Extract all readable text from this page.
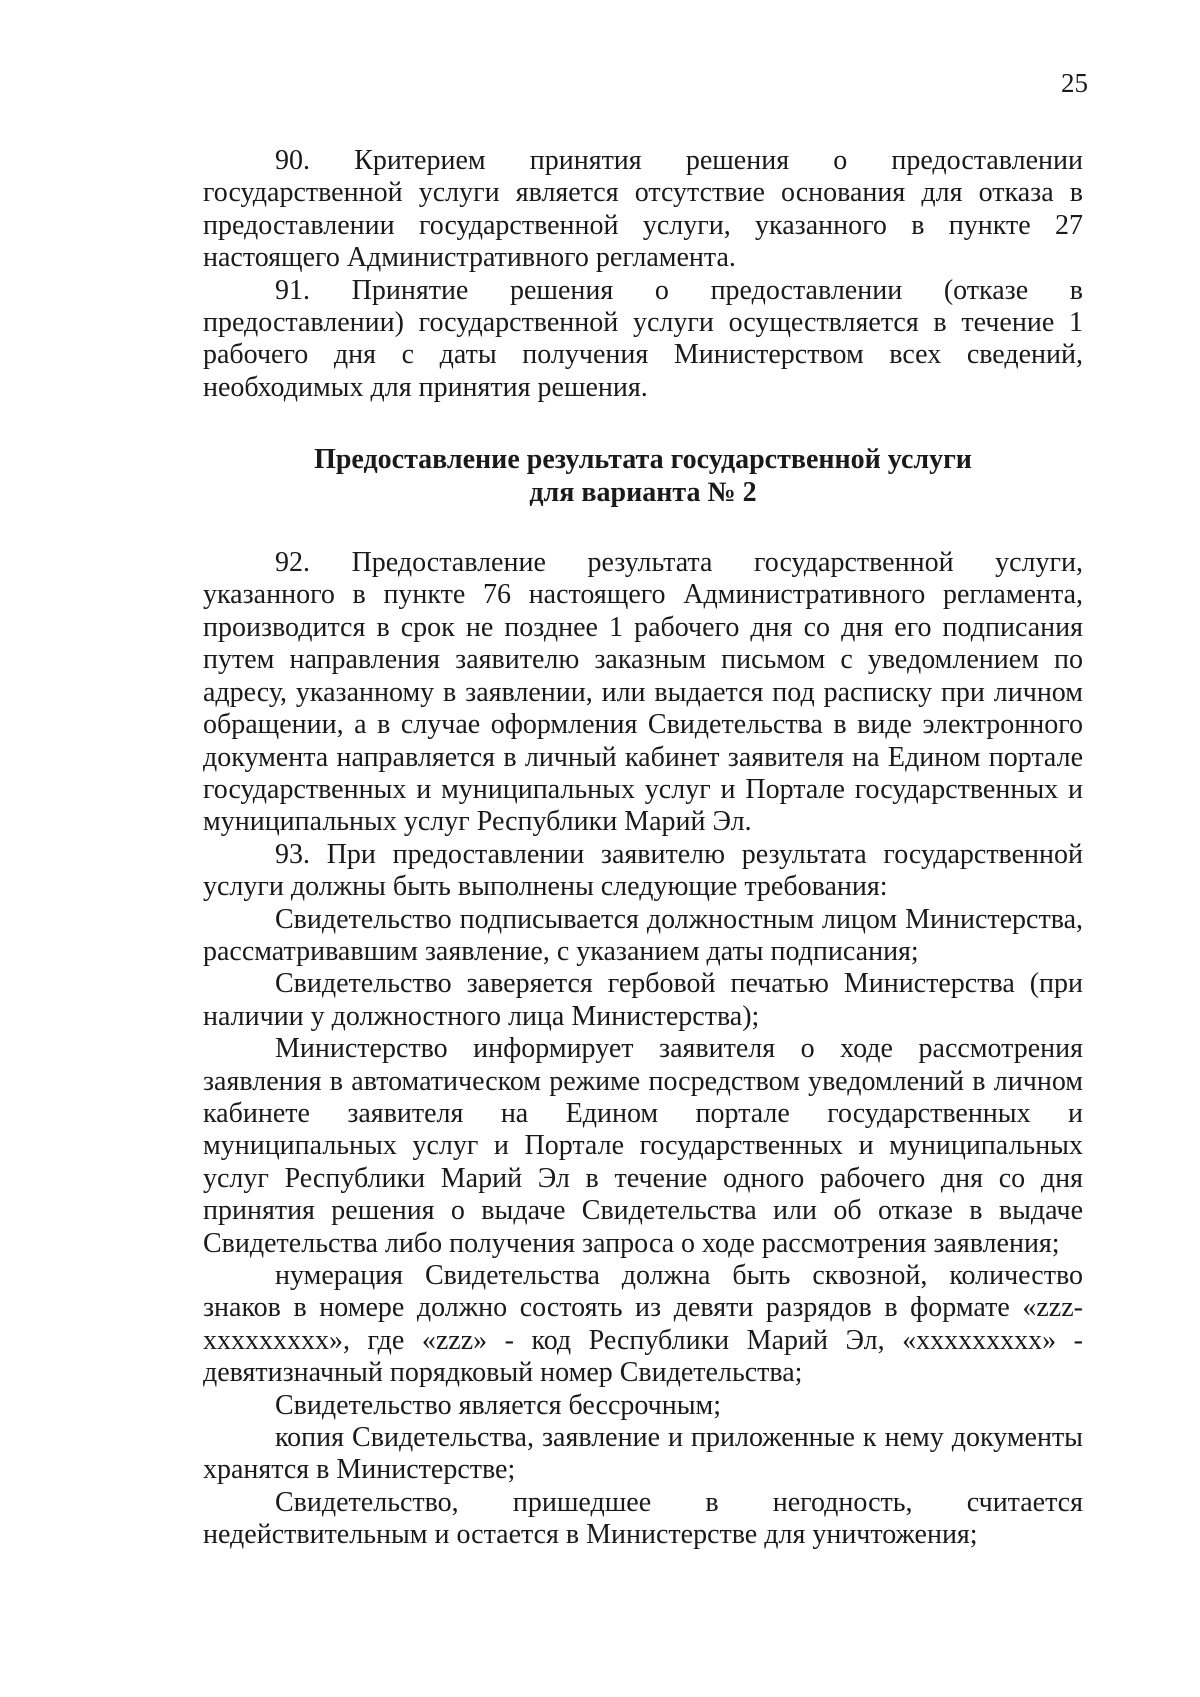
25

90. Критерием принятия решения о предоставлении государственной услуги является отсутствие основания для отказа в предоставлении государственной услуги, указанного в пункте 27 настоящего Административного регламента.

91. Принятие решения о предоставлении (отказе в предоставлении) государственной услуги осуществляется в течение 1 рабочего дня с даты получения Министерством всех сведений, необходимых для принятия решения.

Предоставление результата государственной услуги
для варианта № 2

92. Предоставление результата государственной услуги, указанного в пункте 76 настоящего Административного регламента, производится в срок не позднее 1 рабочего дня со дня его подписания путем направления заявителю заказным письмом с уведомлением по адресу, указанному в заявлении, или выдается под расписку при личном обращении, а в случае оформления Свидетельства в виде электронного документа направляется в личный кабинет заявителя на Едином портале государственных и муниципальных услуг и Портале государственных и муниципальных услуг Республики Марий Эл.

93. При предоставлении заявителю результата государственной услуги должны быть выполнены следующие требования:

Свидетельство подписывается должностным лицом Министерства, рассматривавшим заявление, с указанием даты подписания;

Свидетельство заверяется гербовой печатью Министерства (при наличии у должностного лица Министерства);

Министерство информирует заявителя о ходе рассмотрения заявления в автоматическом режиме посредством уведомлений в личном кабинете заявителя на Едином портале государственных и муниципальных услуг и Портале государственных и муниципальных услуг Республики Марий Эл в течение одного рабочего дня со дня принятия решения о выдаче Свидетельства или об отказе в выдаче Свидетельства либо получения запроса о ходе рассмотрения заявления;

нумерация Свидетельства должна быть сквозной, количество знаков в номере должно состоять из девяти разрядов в формате «zzz-ххххххххх», где «zzz» - код Республики Марий Эл, «ххххххххх» - девятизначный порядковый номер Свидетельства;

Свидетельство является бессрочным;

копия Свидетельства, заявление и приложенные к нему документы хранятся в Министерстве;

Свидетельство, пришедшее в негодность, считается недействительным и остается в Министерстве для уничтожения;
